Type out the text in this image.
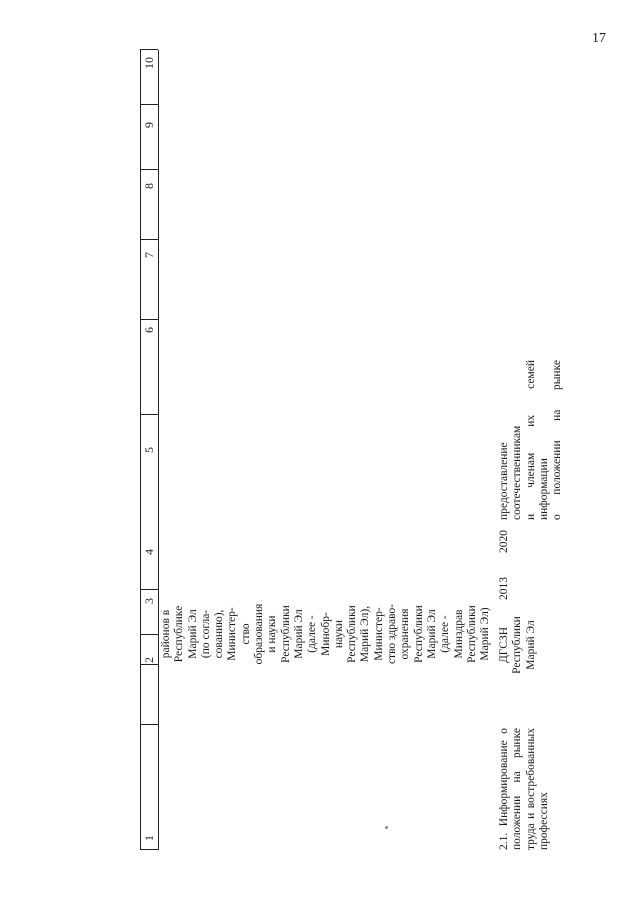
17
1
2
3
4
5
6
7
8
9
10
районов в Республике Марий Эл (по согла- сованию), Министер- ство образования и науки Республики Марий Эл (далее - Минобр- науки Республики Марий Эл), Министер- ство здраво- охранения Республики Марий Эл (далее - Минздрав Республики Марий Эл)
2.1. Информирование о положении на рынке труда и востребованных профессиях
ДГСЗН Республики Марий Эл
2013
2020
предоставление соотечественникам и членам их семей информации о положении на рынке
